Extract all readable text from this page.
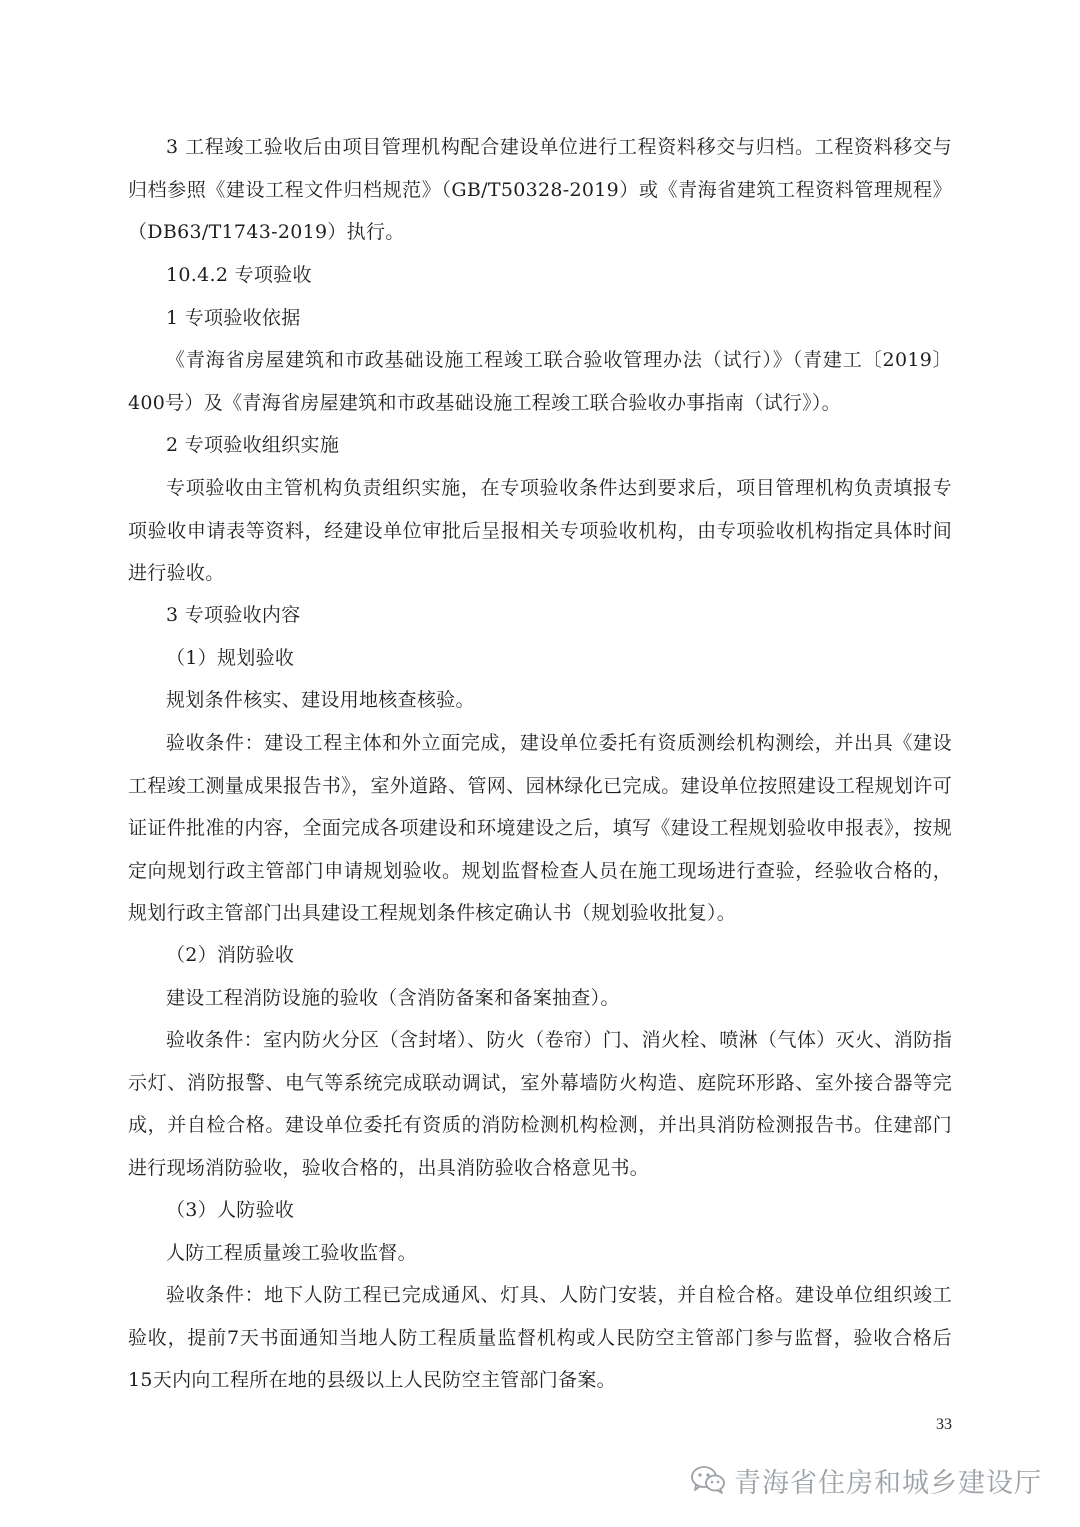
3 工程竣工验收后由项目管理机构配合建设单位进行工程资料移交与归档。工程资料移交与归档参照《建设工程文件归档规范》（GB/T50328-2019）或《青海省建筑工程资料管理规程》（DB63/T1743-2019）执行。
10.4.2 专项验收
1 专项验收依据
《青海省房屋建筑和市政基础设施工程竣工联合验收管理办法（试行）》（青建工〔2019〕400号）及《青海省房屋建筑和市政基础设施工程竣工联合验收办事指南（试行》）。
2 专项验收组织实施
专项验收由主管机构负责组织实施，在专项验收条件达到要求后，项目管理机构负责填报专项验收申请表等资料，经建设单位审批后呈报相关专项验收机构，由专项验收机构指定具体时间进行验收。
3 专项验收内容
（1）规划验收
规划条件核实、建设用地核查核验。
验收条件：建设工程主体和外立面完成，建设单位委托有资质测绘机构测绘，并出具《建设工程竣工测量成果报告书》，室外道路、管网、园林绿化已完成。建设单位按照建设工程规划许可证证件批准的内容，全面完成各项建设和环境建设之后，填写《建设工程规划验收申报表》，按规定向规划行政主管部门申请规划验收。规划监督检查人员在施工现场进行查验，经验收合格的，规划行政主管部门出具建设工程规划条件核定确认书（规划验收批复）。
（2）消防验收
建设工程消防设施的验收（含消防备案和备案抽查）。
验收条件：室内防火分区（含封堵）、防火（卷帘）门、消火栓、喷淋（气体）灭火、消防指示灯、消防报警、电气等系统完成联动调试，室外幕墙防火构造、庭院环形路、室外接合器等完成，并自检合格。建设单位委托有资质的消防检测机构检测，并出具消防检测报告书。住建部门进行现场消防验收，验收合格的，出具消防验收合格意见书。
（3）人防验收
人防工程质量竣工验收监督。
验收条件：地下人防工程已完成通风、灯具、人防门安装，并自检合格。建设单位组织竣工验收，提前7天书面通知当地人防工程质量监督机构或人民防空主管部门参与监督，验收合格后15天内向工程所在地的县级以上人民防空主管部门备案。
33
青海省住房和城乡建设厅
